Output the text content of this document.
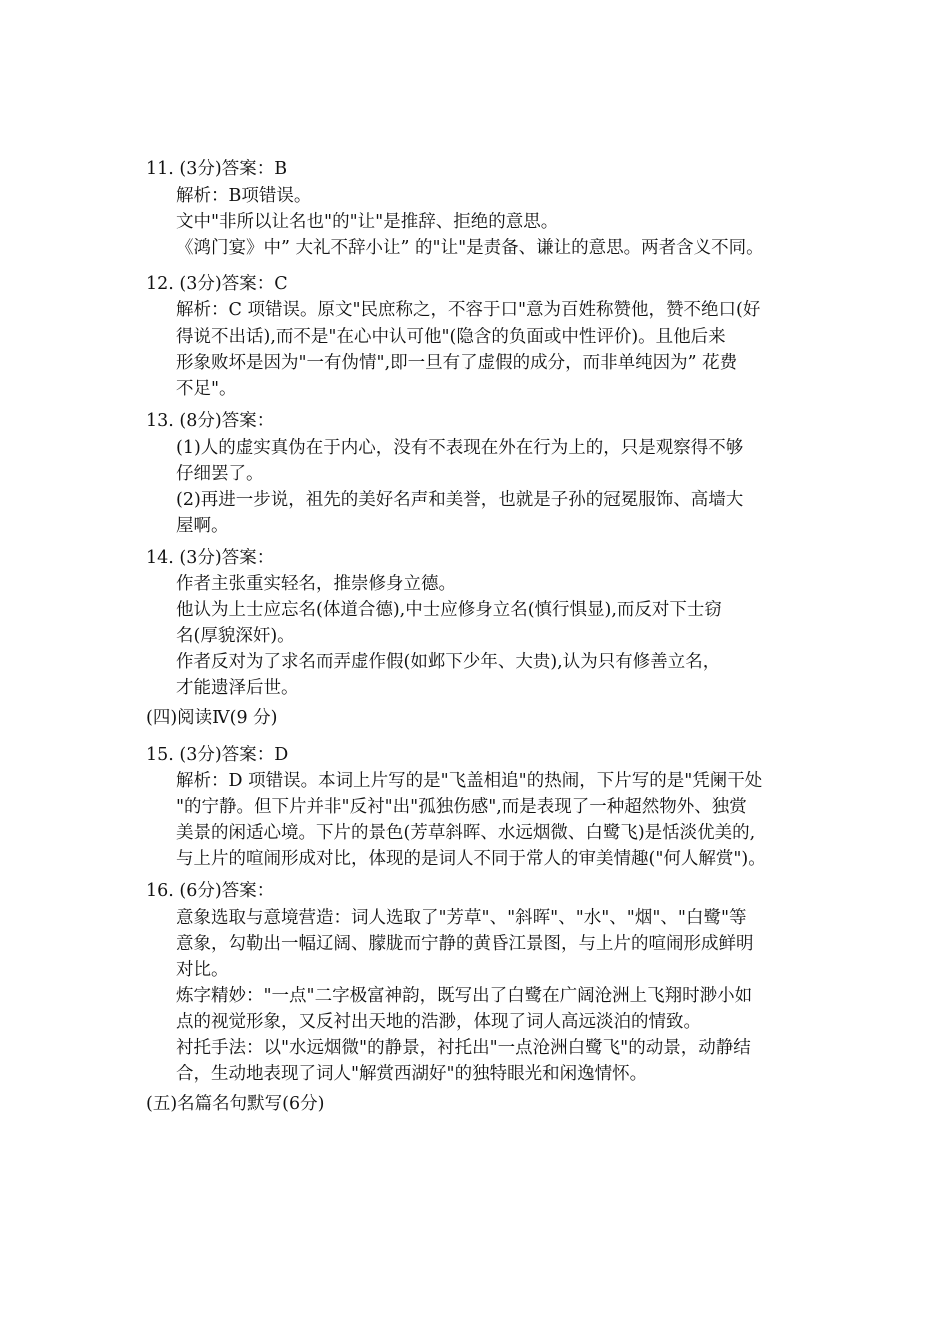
11. (3分)答案：B
解析：B项错误。
文中"非所以让名也"的"让"是推辞、拒绝的意思。
《鸿门宴》中” 大礼不辞小让” 的"让"是责备、谦让的意思。两者含义不同。
12. (3分)答案：C
解析：C 项错误。原文"民庶称之，不容于口"意为百姓称赞他，赞不绝口(好
得说不出话),而不是"在心中认可他"(隐含的负面或中性评价)。且他后来
形象败坏是因为"一有伪情",即一旦有了虚假的成分，而非单纯因为” 花费
不足"。
13. (8分)答案：
(1)人的虚实真伪在于内心，没有不表现在外在行为上的，只是观察得不够
仔细罢了。
(2)再进一步说，祖先的美好名声和美誉，也就是子孙的冠冕服饰、高墙大
屋啊。
14. (3分)答案：
作者主张重实轻名，推崇修身立德。
他认为上士应忘名(体道合德),中士应修身立名(慎行惧显),而反对下士窃
名(厚貌深奸)。
作者反对为了求名而弄虚作假(如邺下少年、大贵),认为只有修善立名，
才能遗泽后世。
(四)阅读Ⅳ(9 分)
15. (3分)答案：D
解析：D 项错误。本词上片写的是"飞盖相追"的热闹，下片写的是"凭阑干处
"的宁静。但下片并非"反衬"出"孤独伤感",而是表现了一种超然物外、独赏
美景的闲适心境。下片的景色(芳草斜晖、水远烟微、白鹭飞)是恬淡优美的,
与上片的喧闹形成对比，体现的是词人不同于常人的审美情趣("何人解赏")。
16. (6分)答案：
意象选取与意境营造：词人选取了"芳草"、"斜晖"、"水"、"烟"、"白鹭"等
意象，勾勒出一幅辽阔、朦胧而宁静的黄昏江景图，与上片的喧闹形成鲜明
对比。
炼字精妙："一点"二字极富神韵，既写出了白鹭在广阔沧洲上飞翔时渺小如
点的视觉形象，又反衬出天地的浩渺，体现了词人高远淡泊的情致。
衬托手法：以"水远烟微"的静景，衬托出"一点沧洲白鹭飞"的动景，动静结
合，生动地表现了词人"解赏西湖好"的独特眼光和闲逸情怀。
(五)名篇名句默写(6分)
